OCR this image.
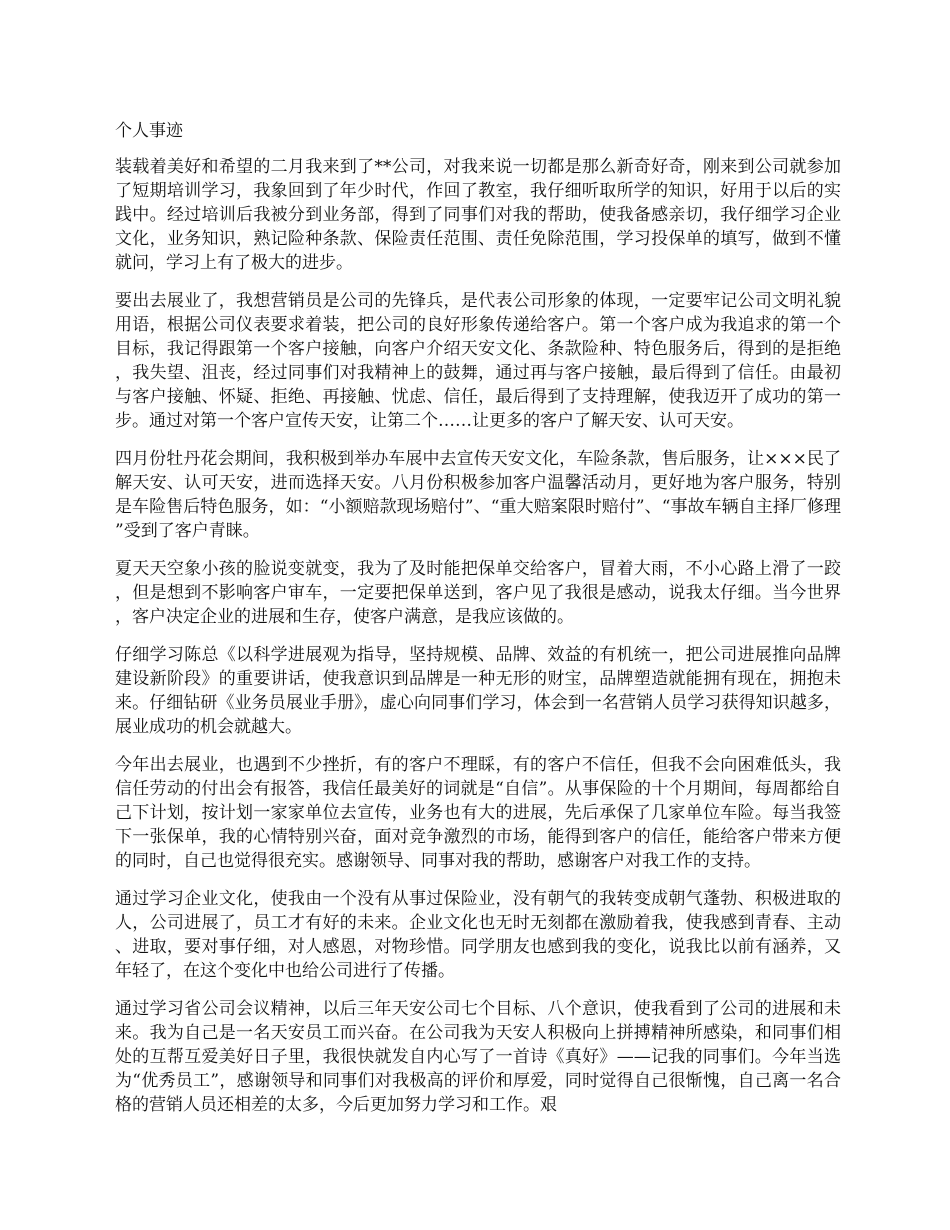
个人事迹

装载着美好和希望的二月我来到了**公司，对我来说一切都是那么新奇好奇，刚来到公司就参加了短期培训学习，我象回到了年少时代，作回了教室，我仔细听取所学的知识，好用于以后的实践中。经过培训后我被分到业务部，得到了同事们对我的帮助，使我备感亲切，我仔细学习企业文化，业务知识，熟记险种条款、保险责任范围、责任免除范围，学习投保单的填写，做到不懂就问，学习上有了极大的进步。

要出去展业了，我想营销员是公司的先锋兵，是代表公司形象的体现，一定要牢记公司文明礼貌用语，根据公司仪表要求着装，把公司的良好形象传递给客户。第一个客户成为我追求的第一个目标，我记得跟第一个客户接触，向客户介绍天安文化、条款险种、特色服务后，得到的是拒绝，我失望、沮丧，经过同事们对我精神上的鼓舞，通过再与客户接触，最后得到了信任。由最初与客户接触、怀疑、拒绝、再接触、忧虑、信任，最后得到了支持理解，使我迈开了成功的第一步。通过对第一个客户宣传天安，让第二个……让更多的客户了解天安、认可天安。

四月份牡丹花会期间，我积极到举办车展中去宣传天安文化，车险条款，售后服务，让×××民了解天安、认可天安，进而选择天安。八月份积极参加客户温馨活动月，更好地为客户服务，特别是车险售后特色服务，如：“小额赔款现场赔付”、“重大赔案限时赔付”、“事故车辆自主择厂修理”受到了客户青睐。

夏天天空象小孩的脸说变就变，我为了及时能把保单交给客户，冒着大雨，不小心路上滑了一跤，但是想到不影响客户审车，一定要把保单送到，客户见了我很是感动，说我太仔细。当今世界，客户决定企业的进展和生存，使客户满意，是我应该做的。

仔细学习陈总《以科学进展观为指导，坚持规模、品牌、效益的有机统一，把公司进展推向品牌建设新阶段》的重要讲话，使我意识到品牌是一种无形的财宝，品牌塑造就能拥有现在，拥抱未来。仔细钻研《业务员展业手册》，虚心向同事们学习，体会到一名营销人员学习获得知识越多，展业成功的机会就越大。

今年出去展业，也遇到不少挫折，有的客户不理睬，有的客户不信任，但我不会向困难低头，我信任劳动的付出会有报答，我信任最美好的词就是“自信”。从事保险的十个月期间，每周都给自己下计划，按计划一家家单位去宣传，业务也有大的进展，先后承保了几家单位车险。每当我签下一张保单，我的心情特别兴奋，面对竞争激烈的市场，能得到客户的信任，能给客户带来方便的同时，自己也觉得很充实。感谢领导、同事对我的帮助，感谢客户对我工作的支持。

通过学习企业文化，使我由一个没有从事过保险业，没有朝气的我转变成朝气蓬勃、积极进取的人，公司进展了，员工才有好的未来。企业文化也无时无刻都在激励着我，使我感到青春、主动、进取，要对事仔细，对人感恩，对物珍惜。同学朋友也感到我的变化，说我比以前有涵养，又年轻了，在这个变化中也给公司进行了传播。

通过学习省公司会议精神，以后三年天安公司七个目标、八个意识，使我看到了公司的进展和未来。我为自己是一名天安员工而兴奋。在公司我为天安人积极向上拼搏精神所感染，和同事们相处的互帮互爱美好日子里，我很快就发自内心写了一首诗《真好》——记我的同事们。今年当选为“优秀员工”，感谢领导和同事们对我极高的评价和厚爱，同时觉得自己很惭愧，自己离一名合格的营销人员还相差的太多，今后更加努力学习和工作。艰
